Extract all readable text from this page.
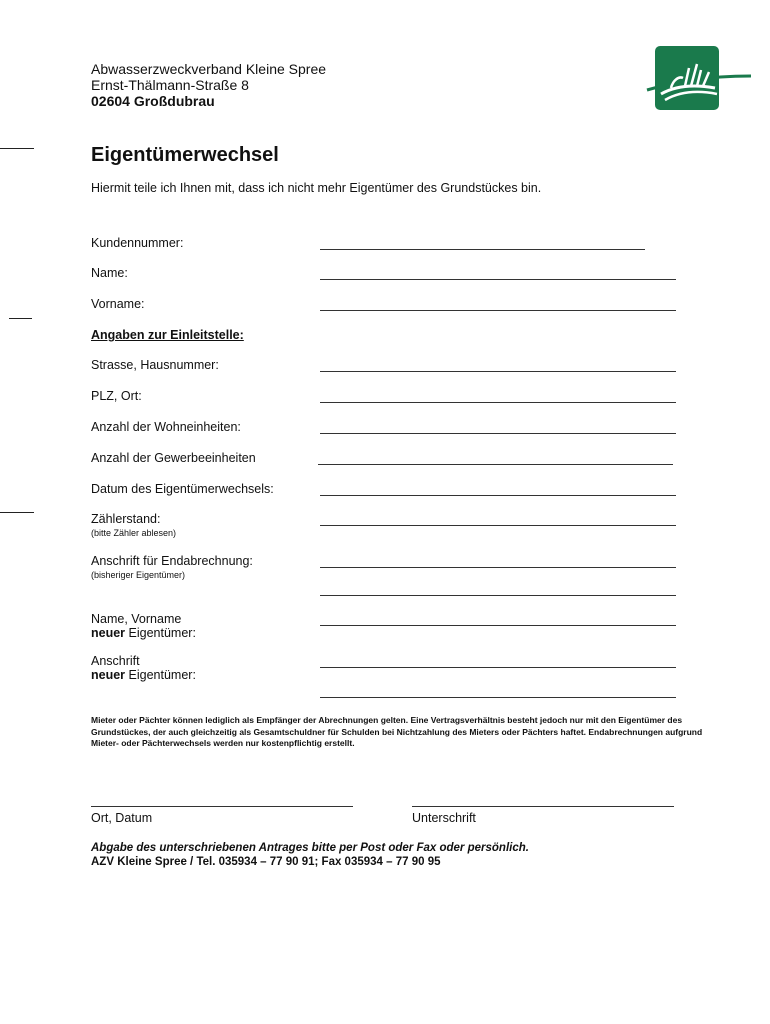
Abwasserzweckverband Kleine Spree
Ernst-Thälmann-Straße 8
02604 Großdubrau
Eigentümerwechsel
Hiermit teile ich Ihnen mit, dass ich nicht mehr Eigentümer des Grundstückes bin.
Kundennummer:
Name:
Vorname:
Angaben zur Einleitstelle:
Strasse, Hausnummer:
PLZ, Ort:
Anzahl der Wohneinheiten:
Anzahl der Gewerbeeinheiten
Datum des Eigentümerwechsels:
Zählerstand:
(bitte Zähler ablesen)
Anschrift für Endabrechnung:
(bisheriger Eigentümer)
Name, Vorname
neuer Eigentümer:
Anschrift
neuer Eigentümer:
Mieter oder Pächter können lediglich als Empfänger der Abrechnungen gelten. Eine Vertragsverhältnis besteht jedoch nur mit den Eigentümer des Grundstückes, der auch gleichzeitig als Gesamtschuldner für Schulden bei Nichtzahlung des Mieters oder Pächters haftet. Endabrechnungen aufgrund Mieter- oder Pächterwechsels werden nur kostenpflichtig erstellt.
Ort, Datum	Unterschrift
Abgabe des unterschriebenen Antrages bitte per Post oder Fax oder persönlich.
AZV Kleine Spree / Tel. 035934 – 77 90 91; Fax 035934 – 77 90 95
